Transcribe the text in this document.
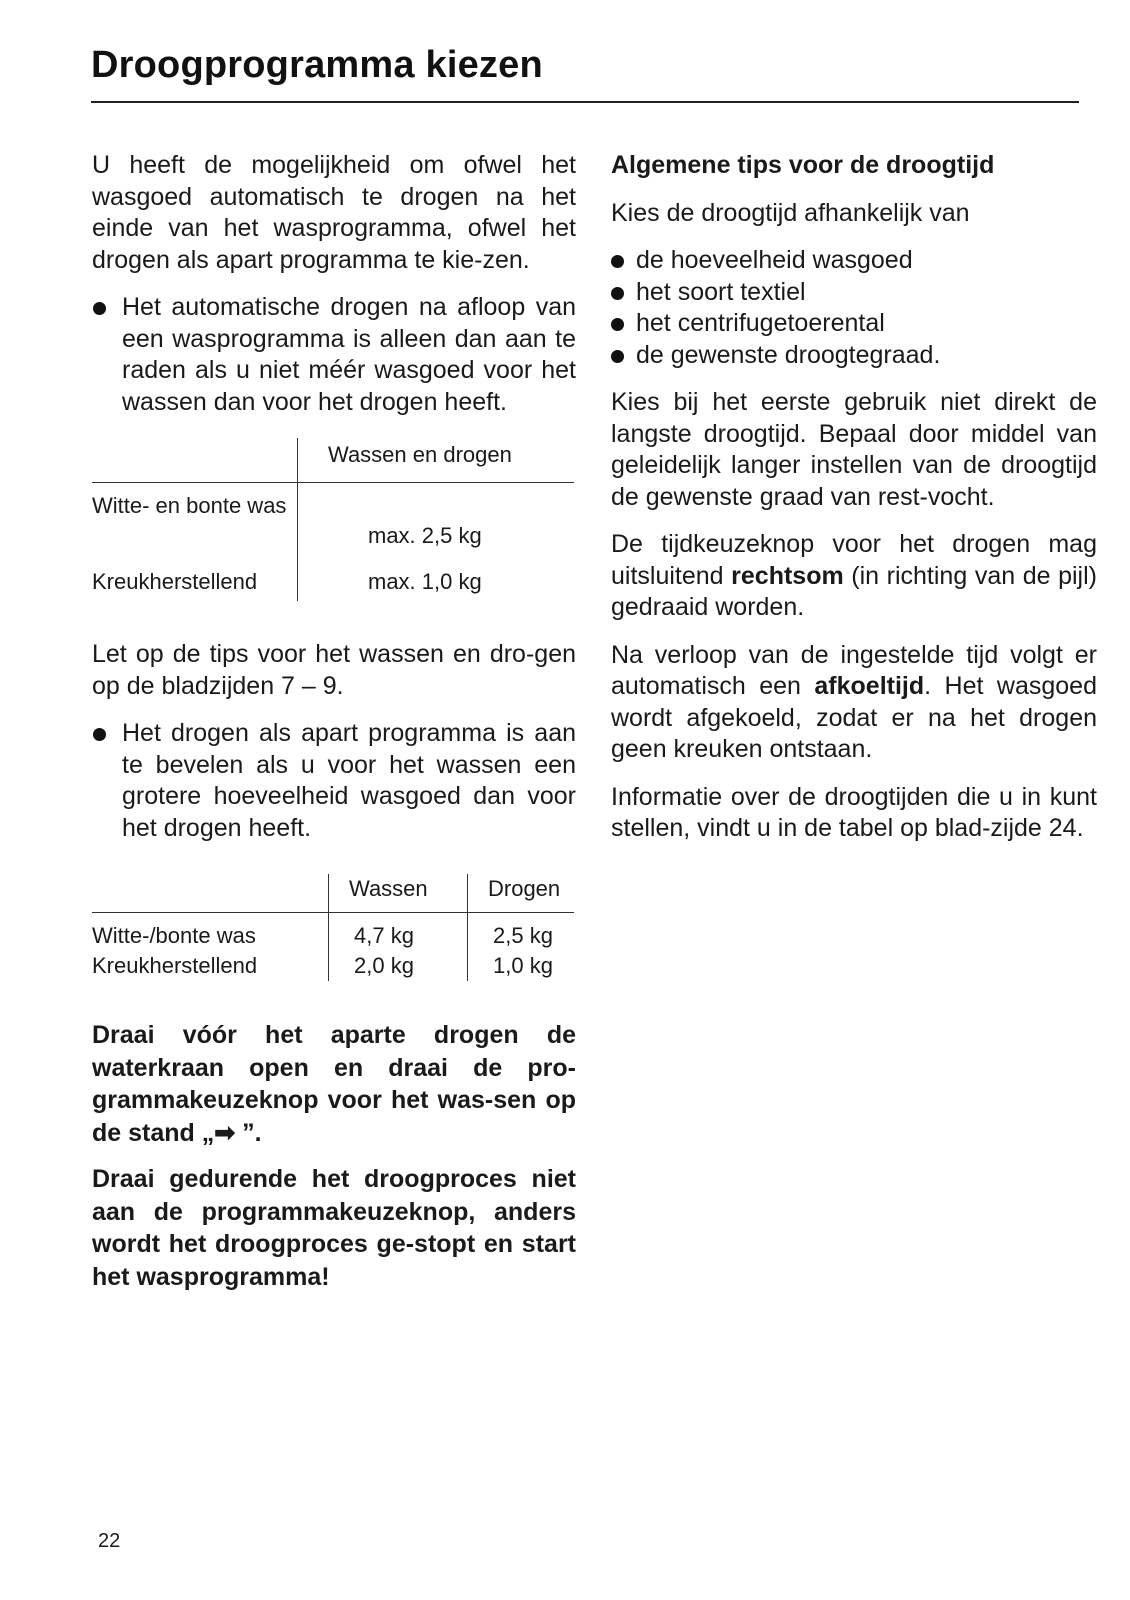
Droogprogramma kiezen

U heeft de mogelijkheid om ofwel het wasgoed automatisch te drogen na het einde van het wasprogramma, ofwel het drogen als apart programma te kie-zen.

Het automatische drogen na afloop van een wasprogramma is alleen dan aan te raden als u niet méér wasgoed voor het wassen dan voor het drogen heeft.
	Wassen en drogen
Witte- en bonte was	max. 2,5 kg
Kreukherstellend	max. 1,0 kg

Let op de tips voor het wassen en dro-gen op de bladzijden 7 – 9.

Het drogen als apart programma is aan te bevelen als u voor het wassen een grotere hoeveelheid wasgoed dan voor het drogen heeft.
	Wassen	Drogen
Witte-/bonte was	4,7 kg	2,5 kg
Kreukherstellend	2,0 kg	1,0 kg

Draai vóór het aparte drogen de waterkraan open en draai de pro-grammakeuzeknop voor het was-sen op de stand „➡ ”.

Draai gedurende het droogproces niet aan de programmakeuzeknop, anders wordt het droogproces ge-stopt en start het wasprogramma!

Algemene tips voor de droogtijd

Kies de droogtijd afhankelijk van

de hoeveelheid wasgoed
het soort textiel
het centrifugetoerental
de gewenste droogtegraad.

Kies bij het eerste gebruik niet direkt de langste droogtijd. Bepaal door middel van geleidelijk langer instellen van de droogtijd de gewenste graad van rest-vocht.

De tijdkeuzeknop voor het drogen mag uitsluitend rechtsom (in richting van de pijl) gedraaid worden.

Na verloop van de ingestelde tijd volgt er automatisch een afkoeltijd. Het wasgoed wordt afgekoeld, zodat er na het drogen geen kreuken ontstaan.

Informatie over de droogtijden die u in kunt stellen, vindt u in de tabel op blad-zijde 24.

22
